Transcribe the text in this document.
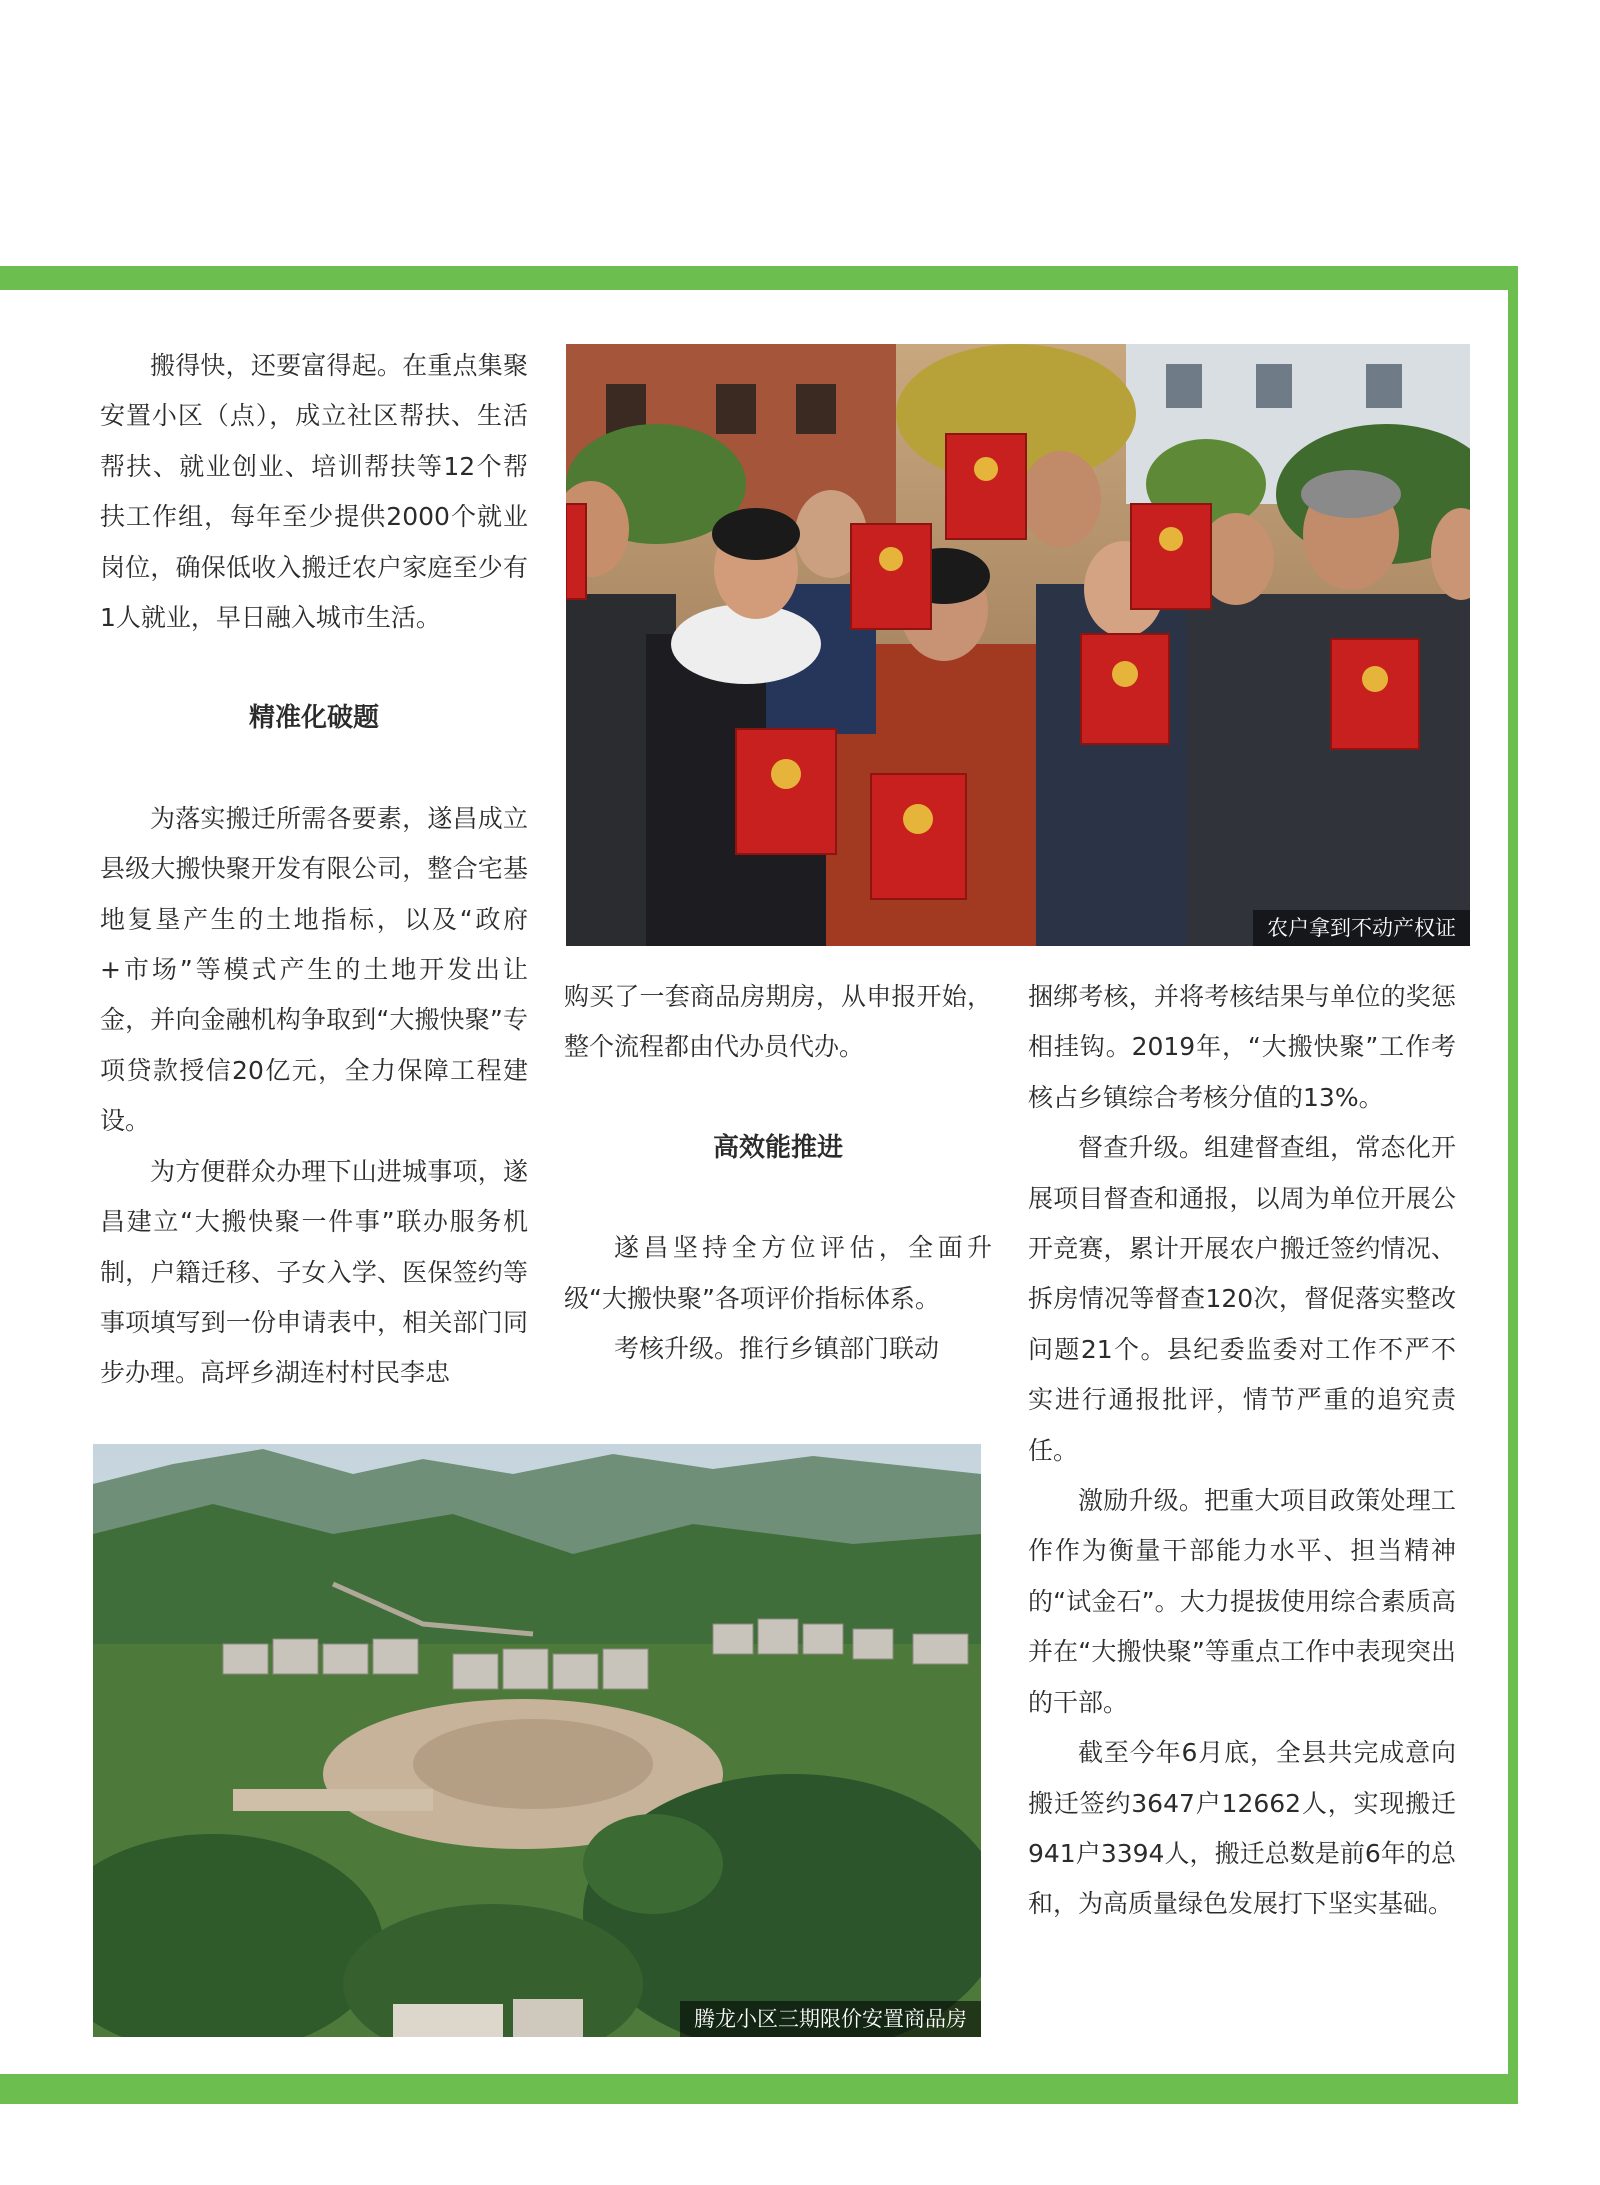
搬得快，还要富得起。在重点集聚安置小区（点），成立社区帮扶、生活帮扶、就业创业、培训帮扶等12个帮扶工作组，每年至少提供2000个就业岗位，确保低收入搬迁农户家庭至少有1人就业，早日融入城市生活。

精准化破题

为落实搬迁所需各要素，遂昌成立县级大搬快聚开发有限公司，整合宅基地复垦产生的土地指标，以及“政府+市场”等模式产生的土地开发出让金，并向金融机构争取到“大搬快聚”专项贷款授信20亿元，全力保障工程建设。

为方便群众办理下山进城事项，遂昌建立“大搬快聚一件事”联办服务机制，户籍迁移、子女入学、医保签约等事项填写到一份申请表中，相关部门同步办理。高坪乡湖连村村民李忠

购买了一套商品房期房，从申报开始，整个流程都由代办员代办。

高效能推进

遂昌坚持全方位评估，全面升级“大搬快聚”各项评价指标体系。

考核升级。推行乡镇部门联动

捆绑考核，并将考核结果与单位的奖惩相挂钩。2019年，“大搬快聚”工作考核占乡镇综合考核分值的13%。

督查升级。组建督查组，常态化开展项目督查和通报，以周为单位开展公开竞赛，累计开展农户搬迁签约情况、拆房情况等督查120次，督促落实整改问题21个。县纪委监委对工作不严不实进行通报批评，情节严重的追究责任。

激励升级。把重大项目政策处理工作作为衡量干部能力水平、担当精神的“试金石”。大力提拔使用综合素质高并在“大搬快聚”等重点工作中表现突出的干部。

截至今年6月底，全县共完成意向搬迁签约3647户12662人，实现搬迁941户3394人，搬迁总数是前6年的总和，为高质量绿色发展打下坚实基础。

农户拿到不动产权证
腾龙小区三期限价安置商品房
